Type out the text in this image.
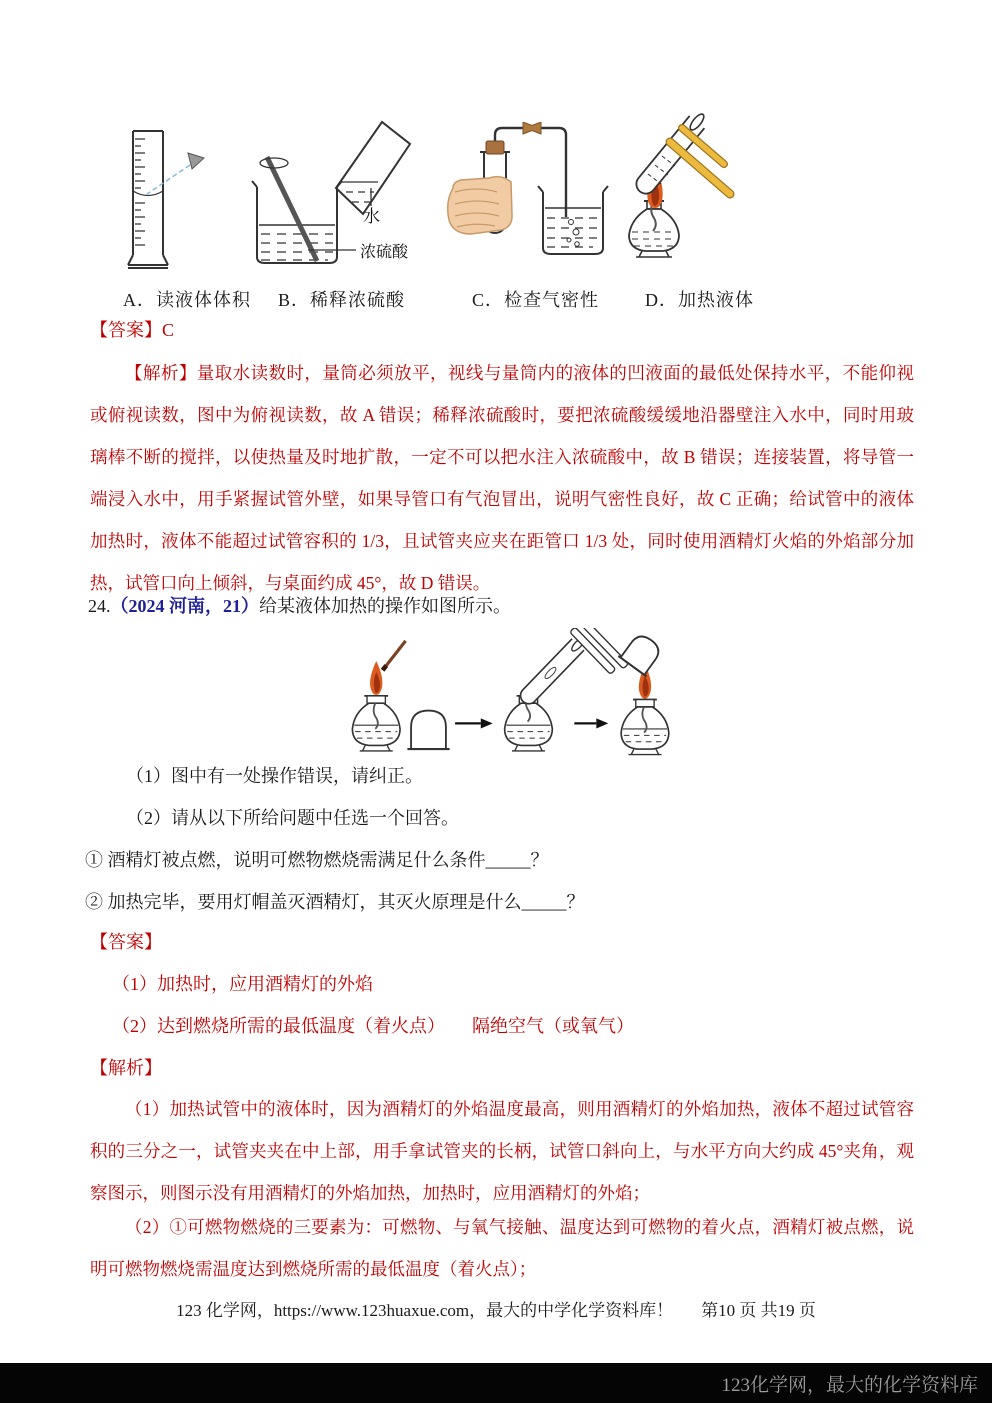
水
浓硫酸
A．读液体体积 B．稀释浓硫酸	C．检查气密性	D．加热液体
【答案】C
【解析】量取水读数时，量筒必须放平，视线与量筒内的液体的凹液面的最低处保持水平，不能仰视
或俯视读数，图中为俯视读数，故 A 错误；稀释浓硫酸时，要把浓硫酸缓缓地沿器壁注入水中，同时用玻
璃棒不断的搅拌，以使热量及时地扩散，一定不可以把水注入浓硫酸中，故 B 错误；连接装置，将导管一
端浸入水中，用手紧握试管外壁，如果导管口有气泡冒出，说明气密性良好，故 C 正确；给试管中的液体
加热时，液体不能超过试管容积的 1/3，且试管夹应夹在距管口 1/3 处，同时使用酒精灯火焰的外焰部分加
热，试管口向上倾斜，与桌面约成 45°，故 D 错误。
24.（2024 河南，21）给某液体加热的操作如图所示。
（1）图中有一处操作错误，请纠正。
（2）请从以下所给问题中任选一个回答。
① 酒精灯被点燃，说明可燃物燃烧需满足什么条件_____？
② 加热完毕，要用灯帽盖灭酒精灯，其灭火原理是什么_____？
【答案】
（1）加热时，应用酒精灯的外焰
（2）达到燃烧所需的最低温度（着火点）　　隔绝空气（或氧气）
【解析】
（1）加热试管中的液体时，因为酒精灯的外焰温度最高，则用酒精灯的外焰加热，液体不超过试管容
积的三分之一，试管夹夹在中上部，用手拿试管夹的长柄，试管口斜向上，与水平方向大约成 45°夹角，观
察图示，则图示没有用酒精灯的外焰加热，加热时，应用酒精灯的外焰；
（2）①可燃物燃烧的三要素为：可燃物、与氧气接触、温度达到可燃物的着火点，酒精灯被点燃，说
明可燃物燃烧需温度达到燃烧所需的最低温度（着火点）；
123 化学网，https://www.123huaxue.com，最大的中学化学资料库！ 第10 页 共19 页
123化学网，最大的化学资料库
